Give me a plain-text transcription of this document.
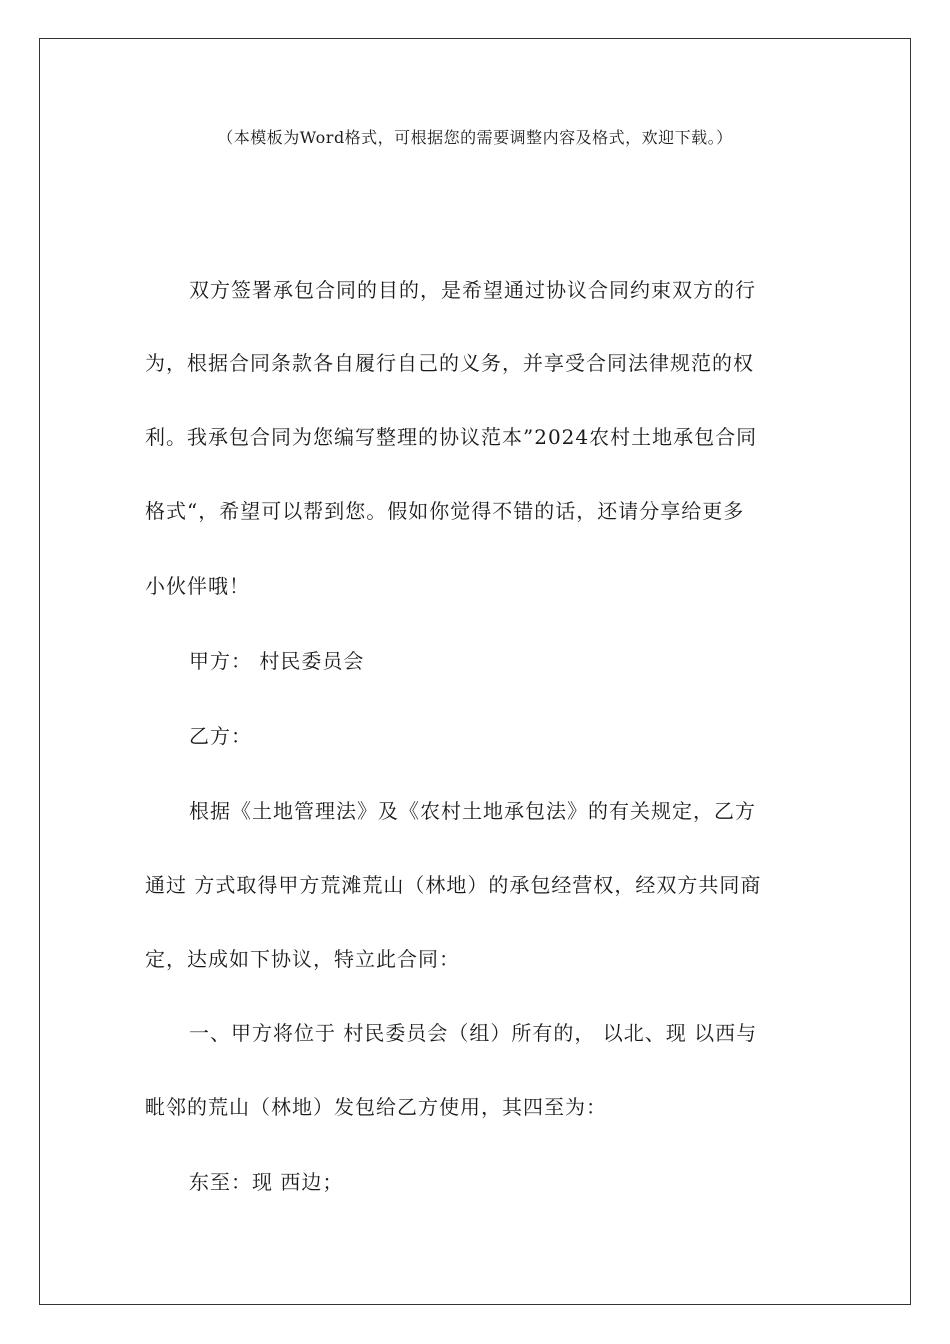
（本模板为Word格式，可根据您的需要调整内容及格式，欢迎下载。）
双方签署承包合同的目的，是希望通过协议合同约束双方的行
为，根据合同条款各自履行自己的义务，并享受合同法律规范的权
利。我承包合同为您编写整理的协议范本”2024农村土地承包合同
格式“，希望可以帮到您。假如你觉得不错的话，还请分享给更多
小伙伴哦！
甲方： 村民委员会
乙方：
根据《土地管理法》及《农村土地承包法》的有关规定，乙方
通过 方式取得甲方荒滩荒山（林地）的承包经营权，经双方共同商
定，达成如下协议，特立此合同：
一、甲方将位于 村民委员会（组）所有的， 以北、现 以西与
毗邻的荒山（林地）发包给乙方使用，其四至为：
东至：现 西边；
